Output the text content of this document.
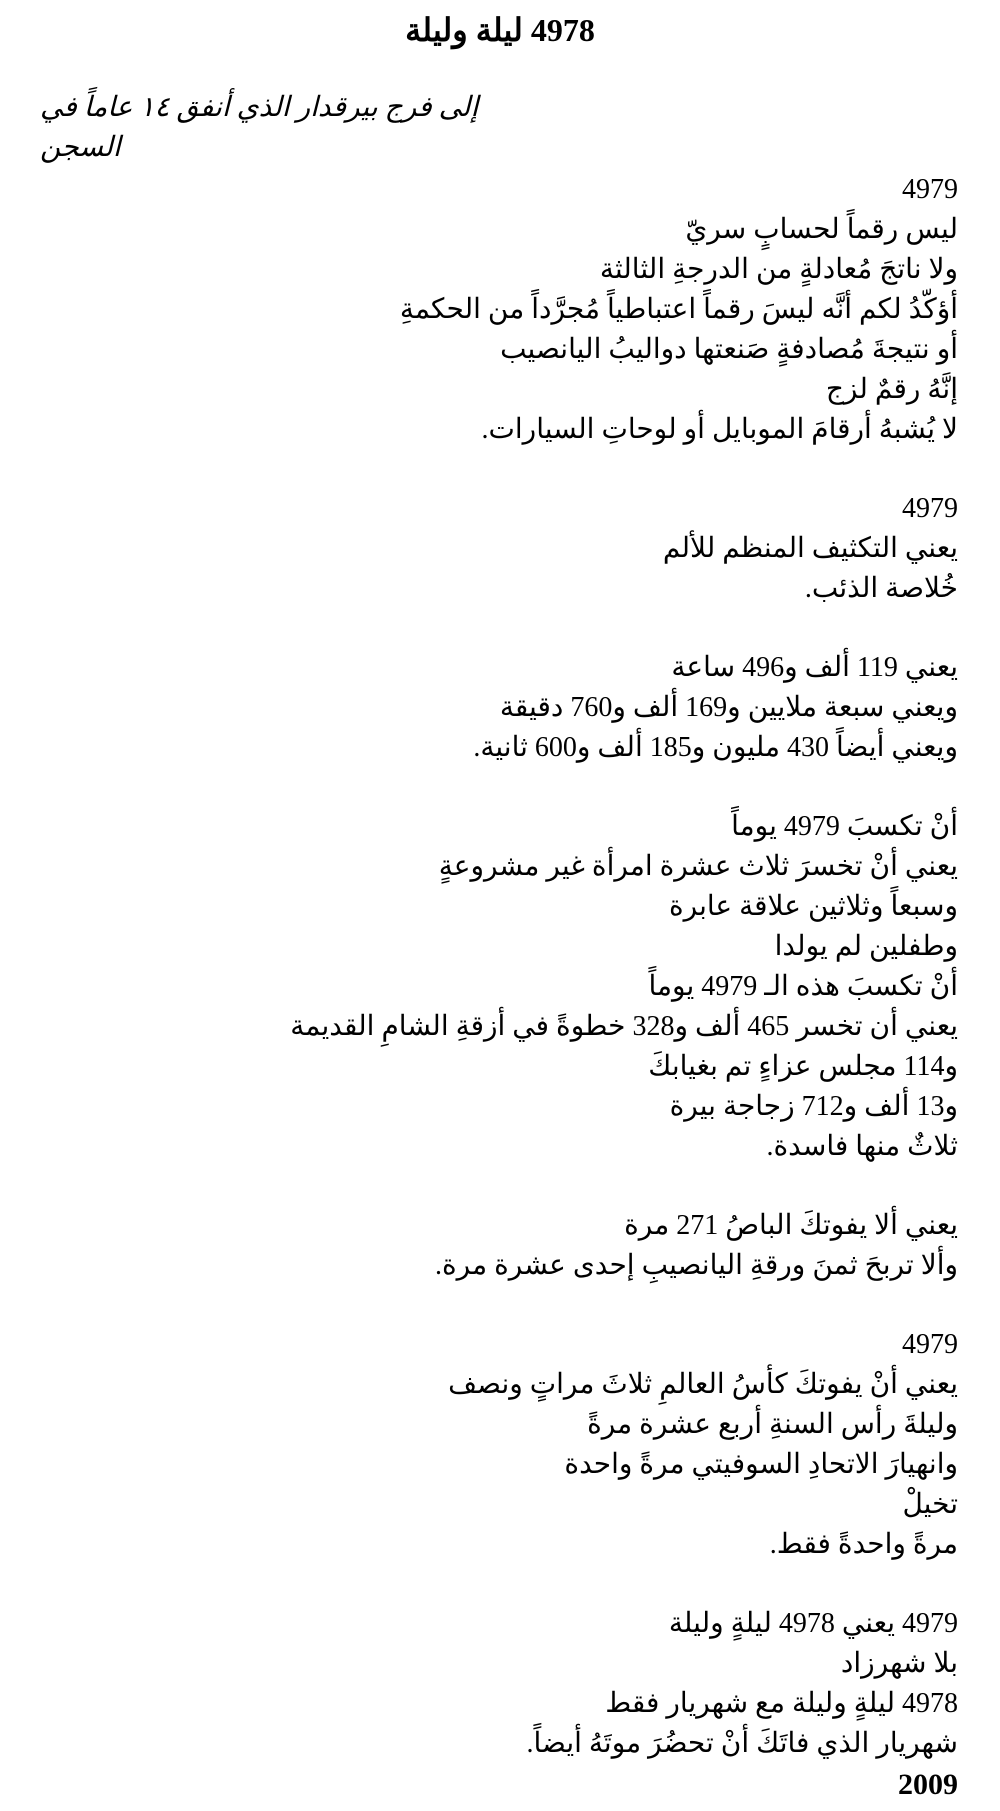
4978 ليلة وليلة
إلى فرج بيرقدار الذي أنفق ١٤ عاماً في السجن
4979
ليس رقماً لحسابٍ سريّ
ولا ناتجَ مُعادلةٍ من الدرجةِ الثالثة
أؤكّدُ لكم أنَّه ليسَ رقماً اعتباطياً مُجرَّداً من الحكمةِ
أو نتيجةَ مُصادفةٍ صَنعتها دواليبُ اليانصيب
إنَّهُ رقمٌ لزج
لا يُشبهُ أرقامَ الموبايل أو لوحاتِ السيارات.
4979
يعني التكثيف المنظم للألم
خُلاصة الذئب.
يعني 119 ألف و496 ساعة
ويعني سبعة ملايين و169 ألف و760 دقيقة
ويعني أيضاً 430 مليون و185 ألف و600 ثانية.
أنْ تكسبَ 4979 يوماً
يعني أنْ تخسرَ ثلاث عشرة امرأة غير مشروعةٍ
وسبعاً وثلاثين علاقة عابرة
وطفلين لم يولدا
أنْ تكسبَ هذه الـ 4979 يوماً
يعني أن تخسر 465 ألف و328 خطوةً في أزقةِ الشامِ القديمة
و114 مجلس عزاءٍ تم بغيابكَ
و13 ألف و712 زجاجة بيرة
ثلاثٌ منها فاسدة.
يعني ألا يفوتكَ الباصُ 271 مرة
وألا تربحَ ثمنَ ورقةِ اليانصيبِ إحدى عشرة مرة.
4979
يعني أنْ يفوتكَ كأسُ العالمِ ثلاثَ مراتٍ ونصف
وليلةَ رأس السنةِ أربع عشرة مرةً
وانهيارَ الاتحادِ السوفيتي مرةً واحدة
تخيلْ
مرةً واحدةً فقط.
4979 يعني 4978 ليلةٍ وليلة
بلا شهرزاد
4978 ليلةٍ وليلة مع شهريار فقط
شهريار الذي فاتَكَ أنْ تحضُرَ موتَهُ أيضاً.
2009
